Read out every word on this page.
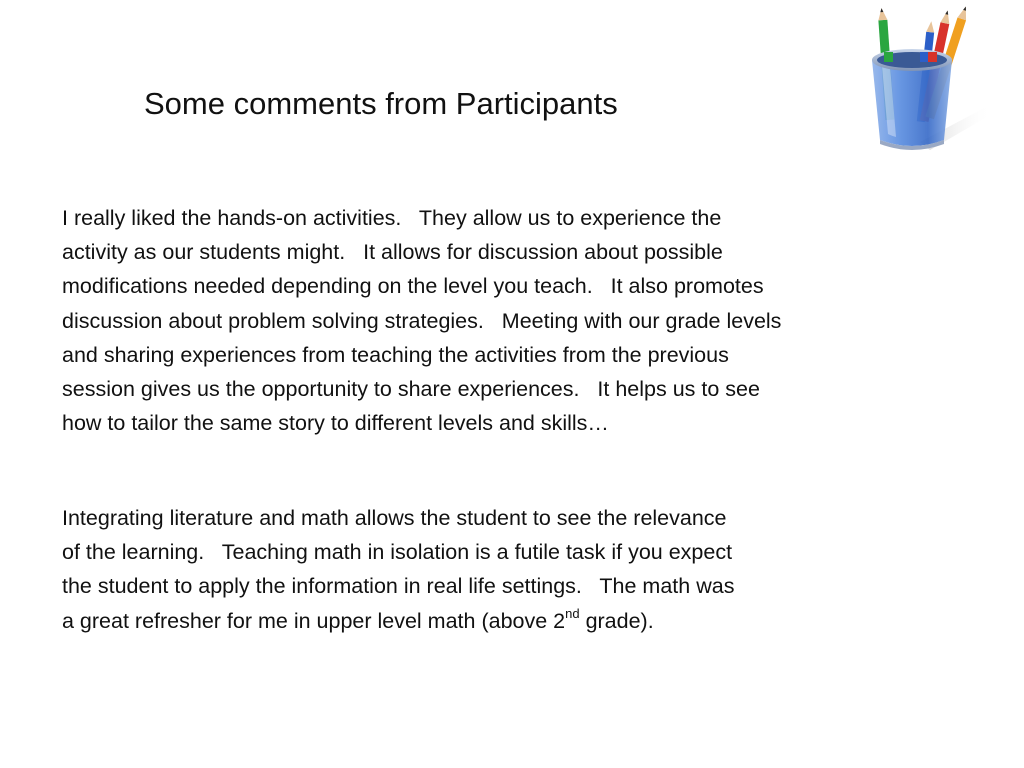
Some comments from Participants
I really liked the hands-on activities.   They allow us to experience the
activity as our students might.   It allows for discussion about possible
modifications needed depending on the level you teach.   It also promotes
discussion about problem solving strategies.   Meeting with our grade levels
and sharing experiences from teaching the activities from the previous
session gives us the opportunity to share experiences.   It helps us to see
how to tailor the same story to different levels and skills…
Integrating literature and math allows the student to see the relevance
of the learning.   Teaching math in isolation is a futile task if you expect
the student to apply the information in real life settings.   The math was
a great refresher for me in upper level math (above 2nd grade).
